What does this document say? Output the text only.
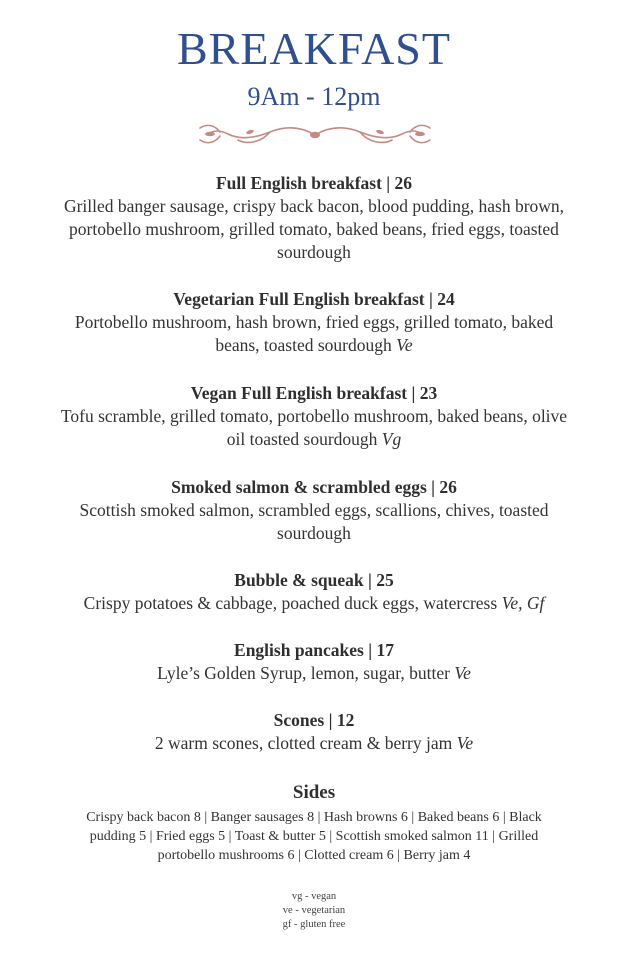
BREAKFAST
9Am - 12pm
Full English breakfast | 26
Grilled banger sausage, crispy back bacon, blood pudding, hash brown, portobello mushroom, grilled tomato, baked beans, fried eggs, toasted sourdough
Vegetarian Full English breakfast | 24
Portobello mushroom, hash brown, fried eggs, grilled tomato, baked beans, toasted sourdough Ve
Vegan Full English breakfast | 23
Tofu scramble, grilled tomato, portobello mushroom, baked beans, olive oil toasted sourdough Vg
Smoked salmon & scrambled eggs | 26
Scottish smoked salmon, scrambled eggs, scallions, chives, toasted sourdough
Bubble & squeak | 25
Crispy potatoes & cabbage, poached duck eggs, watercress Ve, Gf
English pancakes | 17
Lyle’s Golden Syrup, lemon, sugar, butter Ve
Scones | 12
2 warm scones, clotted cream & berry jam Ve
Sides
Crispy back bacon 8 | Banger sausages 8 | Hash browns 6 | Baked beans 6 | Black pudding 5 | Fried eggs 5 | Toast & butter 5 | Scottish smoked salmon 11 | Grilled portobello mushrooms 6 | Clotted cream 6 | Berry jam 4
vg - vegan
ve - vegetarian
gf - gluten free
